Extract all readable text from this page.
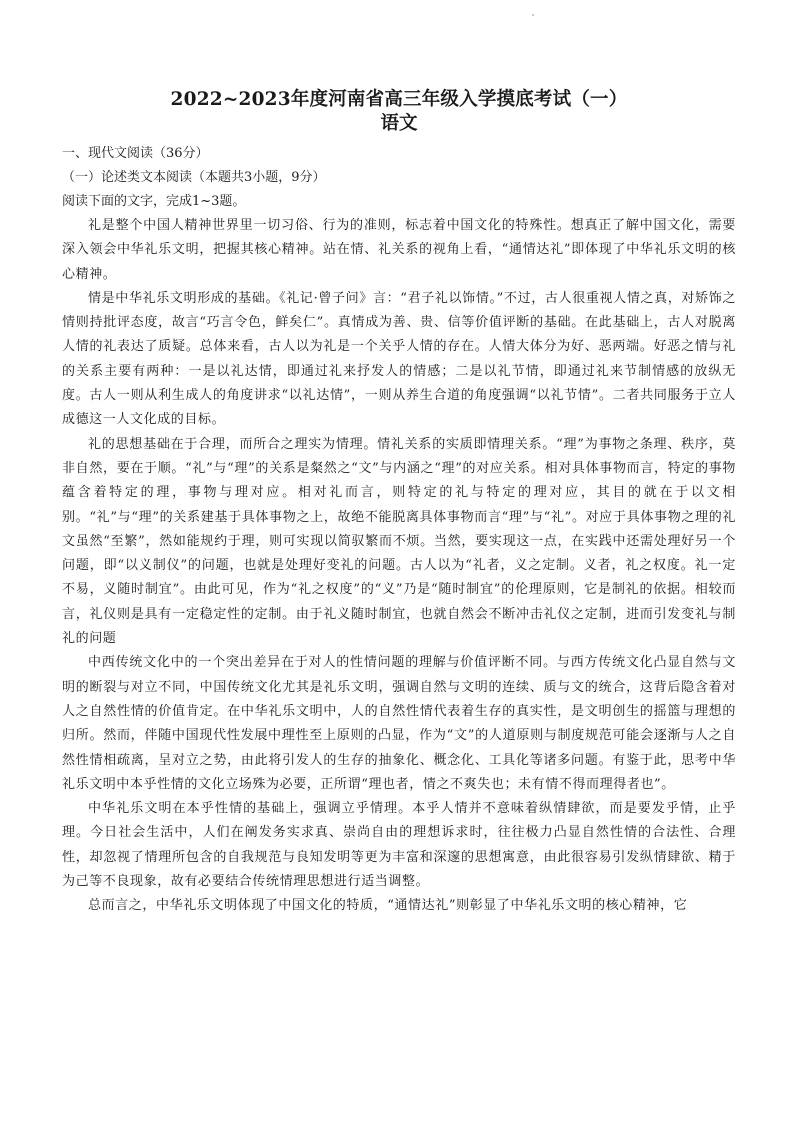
2022~2023年度河南省高三年级入学摸底考试（一）
语文

一、现代文阅读（36分）

（一）论述类文本阅读（本题共3小题，9分）

阅读下面的文字，完成1~3题。

礼是整个中国人精神世界里一切习俗、行为的准则，标志着中国文化的特殊性。想真正了解中国文化，需要深入领会中华礼乐文明，把握其核心精神。站在情、礼关系的视角上看，“通情达礼”即体现了中华礼乐文明的核心精神。

情是中华礼乐文明形成的基础。《礼记·曾子问》言：“君子礼以饰情。”不过，古人很重视人情之真，对矫饰之情则持批评态度，故言“巧言令色，鲜矣仁”。真情成为善、贵、信等价值评断的基础。在此基础上，古人对脱离人情的礼表达了质疑。总体来看，古人以为礼是一个关乎人情的存在。人情大体分为好、恶两端。好恶之情与礼的关系主要有两种：一是以礼达情，即通过礼来抒发人的情感；二是以礼节情，即通过礼来节制情感的放纵无度。古人一则从利生成人的角度讲求“以礼达情”，一则从养生合道的角度强调“以礼节情”。二者共同服务于立人成德这一人文化成的目标。

礼的思想基础在于合理，而所合之理实为情理。情礼关系的实质即情理关系。“理”为事物之条理、秩序，莫非自然，要在于顺。“礼”与“理”的关系是粲然之“文”与内涵之“理”的对应关系。相对具体事物而言，特定的事物蕴含着特定的理，事物与理对应。相对礼而言，则特定的礼与特定的理对应，其目的就在于以文相别。“礼”与“理”的关系建基于具体事物之上，故绝不能脱离具体事物而言“理”与“礼”。对应于具体事物之理的礼文虽然“至繁”，然如能规约于理，则可实现以简驭繁而不烦。当然，要实现这一点，在实践中还需处理好另一个问题，即“以义制仪”的问题，也就是处理好变礼的问题。古人以为“礼者，义之定制。义者，礼之权度。礼一定不易，义随时制宜”。由此可见，作为“礼之权度”的“义”乃是“随时制宜”的伦理原则，它是制礼的依据。相较而言，礼仪则是具有一定稳定性的定制。由于礼义随时制宜，也就自然会不断冲击礼仪之定制，进而引发变礼与制礼的问题

中西传统文化中的一个突出差异在于对人的性情问题的理解与价值评断不同。与西方传统文化凸显自然与文明的断裂与对立不同，中国传统文化尤其是礼乐文明，强调自然与文明的连续、质与文的统合，这背后隐含着对人之自然性情的价值肯定。在中华礼乐文明中，人的自然性情代表着生存的真实性，是文明创生的摇篮与理想的归所。然而，伴随中国现代性发展中理性至上原则的凸显，作为“文”的人道原则与制度规范可能会逐渐与人之自然性情相疏离，呈对立之势，由此将引发人的生存的抽象化、概念化、工具化等诸多问题。有鉴于此，思考中华礼乐文明中本乎性情的文化立场殊为必要，正所谓“理也者，情之不爽失也；未有情不得而理得者也”。

中华礼乐文明在本乎性情的基础上，强调立乎情理。本乎人情并不意味着纵情肆欲，而是要发乎情，止乎理。今日社会生活中，人们在阐发务实求真、崇尚自由的理想诉求时，往往极力凸显自然性情的合法性、合理性，却忽视了情理所包含的自我规范与良知发明等更为丰富和深邃的思想寓意，由此很容易引发纵情肆欲、精于为己等不良现象，故有必要结合传统情理思想进行适当调整。

总而言之，中华礼乐文明体现了中国文化的特质，“通情达礼”则彰显了中华礼乐文明的核心精神，它
